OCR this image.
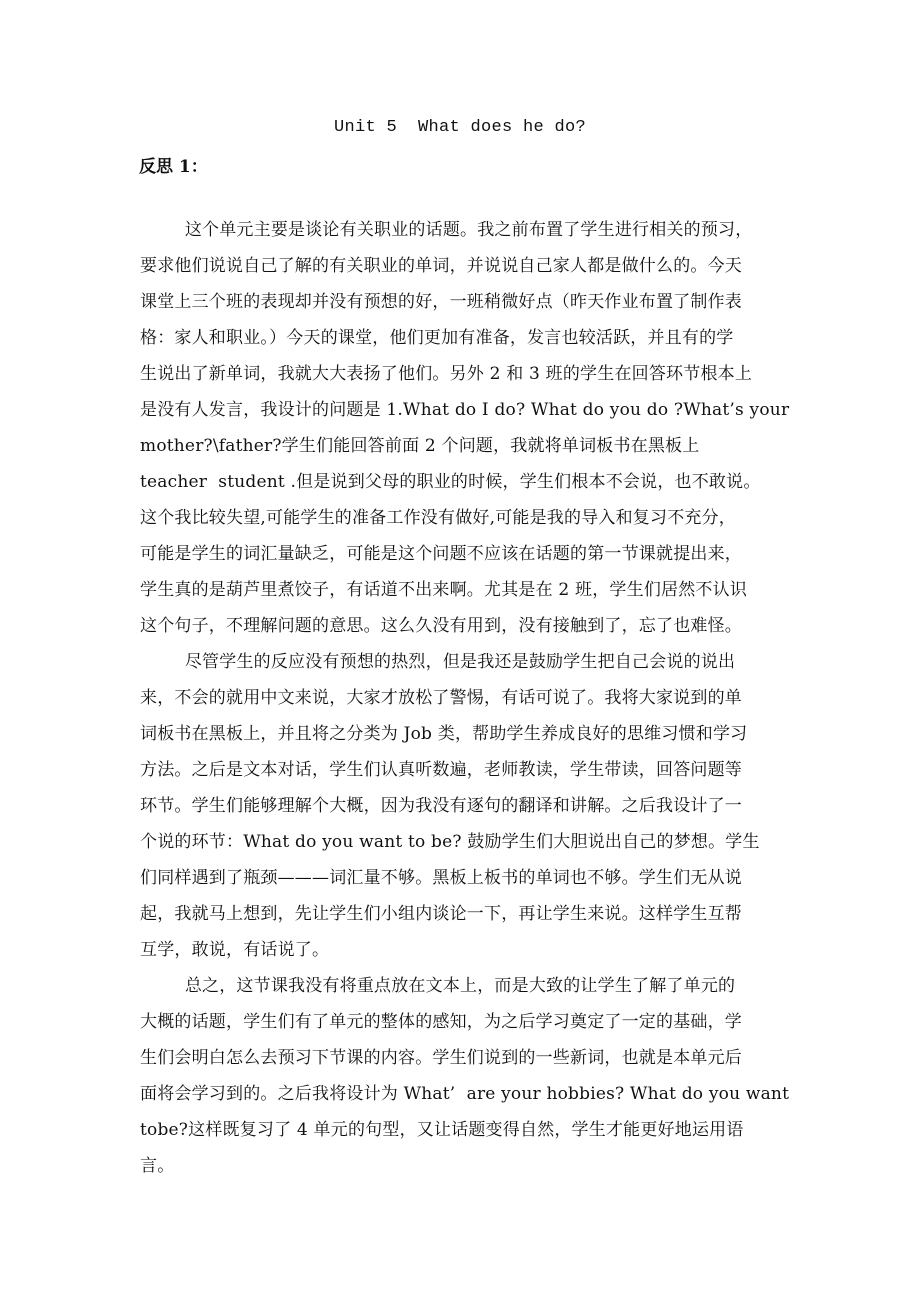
Unit 5  What does he do?
反思 1：
这个单元主要是谈论有关职业的话题。我之前布置了学生进行相关的预习，
要求他们说说自己了解的有关职业的单词，并说说自己家人都是做什么的。今天
课堂上三个班的表现却并没有预想的好，一班稍微好点（昨天作业布置了制作表
格：家人和职业。）今天的课堂，他们更加有准备，发言也较活跃，并且有的学
生说出了新单词，我就大大表扬了他们。另外 2 和 3 班的学生在回答环节根本上
是没有人发言，我设计的问题是 1.What do I do? What do you do ?What’s your
mother?\father?学生们能回答前面 2 个问题，我就将单词板书在黑板上
teacher  student .但是说到父母的职业的时候，学生们根本不会说，也不敢说。
这个我比较失望,可能学生的准备工作没有做好,可能是我的导入和复习不充分，
可能是学生的词汇量缺乏，可能是这个问题不应该在话题的第一节课就提出来，
学生真的是葫芦里煮饺子，有话道不出来啊。尤其是在 2 班，学生们居然不认识
这个句子，不理解问题的意思。这么久没有用到，没有接触到了，忘了也难怪。
尽管学生的反应没有预想的热烈，但是我还是鼓励学生把自己会说的说出
来，不会的就用中文来说，大家才放松了警惕，有话可说了。我将大家说到的单
词板书在黑板上，并且将之分类为 Job 类，帮助学生养成良好的思维习惯和学习
方法。之后是文本对话，学生们认真听数遍，老师教读，学生带读，回答问题等
环节。学生们能够理解个大概，因为我没有逐句的翻译和讲解。之后我设计了一
个说的环节：What do you want to be? 鼓励学生们大胆说出自己的梦想。学生
们同样遇到了瓶颈———词汇量不够。黑板上板书的单词也不够。学生们无从说
起，我就马上想到，先让学生们小组内谈论一下，再让学生来说。这样学生互帮
互学，敢说，有话说了。
总之，这节课我没有将重点放在文本上，而是大致的让学生了解了单元的
大概的话题，学生们有了单元的整体的感知，为之后学习奠定了一定的基础，学
生们会明白怎么去预习下节课的内容。学生们说到的一些新词，也就是本单元后
面将会学习到的。之后我将设计为 What’  are your hobbies? What do you want
tobe?这样既复习了 4 单元的句型，又让话题变得自然，学生才能更好地运用语
言。
